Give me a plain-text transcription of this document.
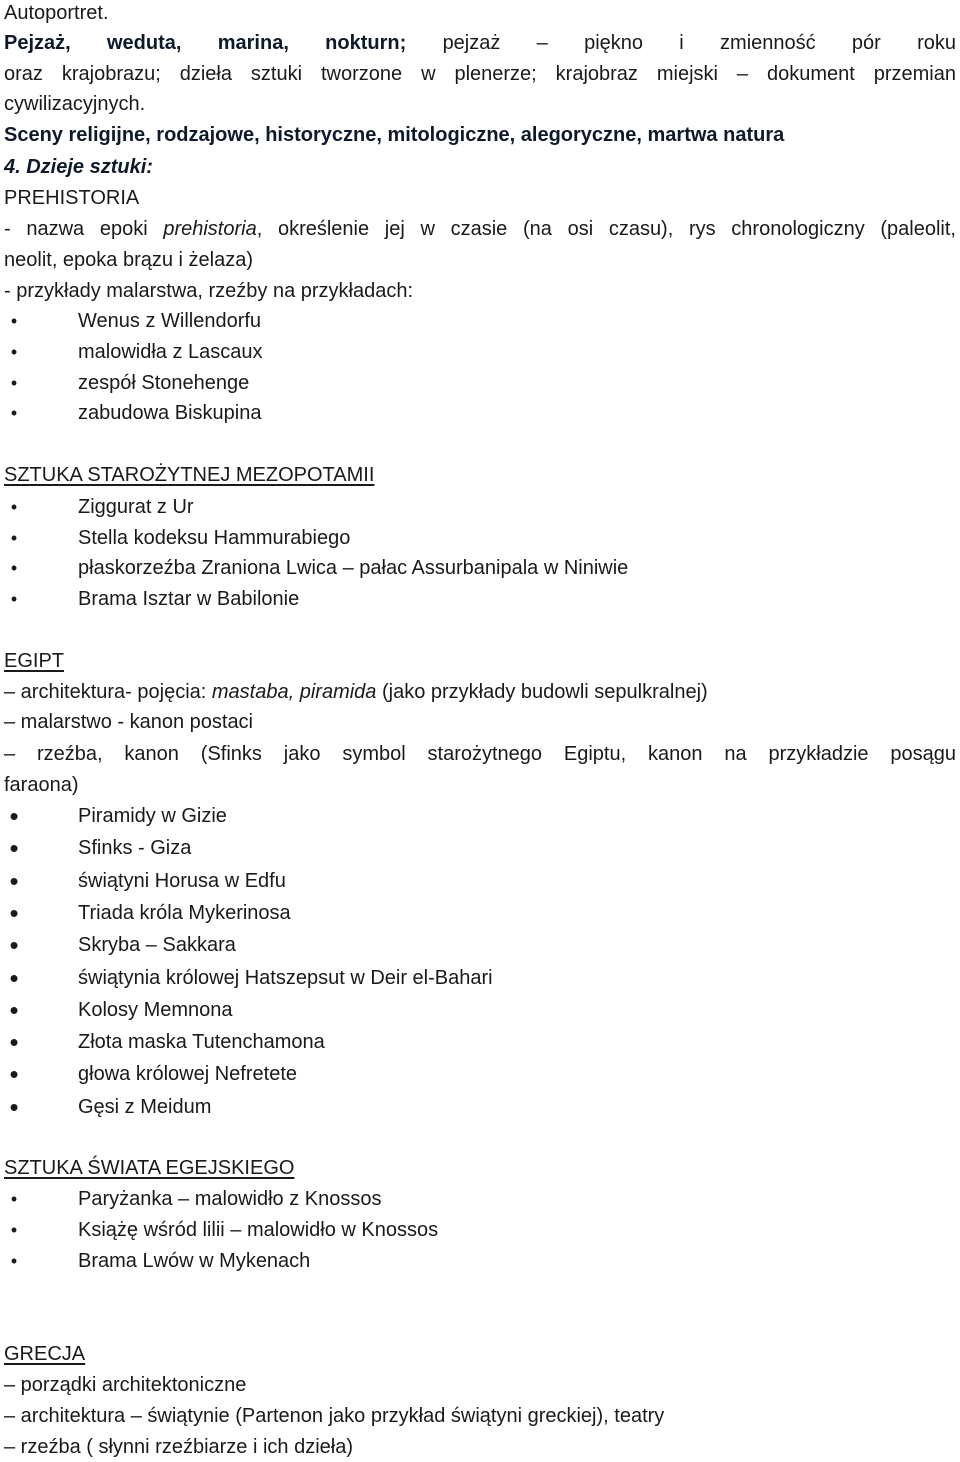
Autoportret.
Pejzaż, weduta, marina, nokturn; pejzaż – piękno i zmienność pór roku
oraz krajobrazu; dzieła sztuki tworzone w plenerze; krajobraz miejski – dokument przemian
cywilizacyjnych.
Sceny religijne, rodzajowe, historyczne, mitologiczne, alegoryczne, martwa natura
4. Dzieje sztuki:
PREHISTORIA
- nazwa epoki prehistoria, określenie jej w czasie (na osi czasu), rys chronologiczny (paleolit,
neolit, epoka brązu i żelaza)
- przykłady malarstwa, rzeźby na przykładach:
•	Wenus z Willendorfu
•	malowidła z Lascaux
•	zespół Stonehenge
•	zabudowa Biskupina
SZTUKA STAROŻYTNEJ MEZOPOTAMII
•	Ziggurat z Ur
•	Stella kodeksu Hammurabiego
•	płaskorzeźba Zraniona Lwica – pałac Assurbanipala w Niniwie
•	Brama Isztar w Babilonie
EGIPT
– architektura- pojęcia: mastaba, piramida (jako przykłady budowli sepulkralnej)
– malarstwo - kanon postaci
– rzeźba, kanon (Sfinks jako symbol starożytnego Egiptu, kanon na przykładzie posągu
faraona)
•	Piramidy w Gizie
•	Sfinks - Giza
•	świątyni Horusa w Edfu
•	Triada króla Mykerinosa
•	Skryba – Sakkara
•	świątynia królowej Hatszepsut w Deir el-Bahari
•	Kolosy Memnona
•	Złota maska Tutenchamona
•	głowa królowej Nefretete
•	Gęsi z Meidum
SZTUKA ŚWIATA EGEJSKIEGO
•	Paryżanka – malowidło z Knossos
•	Książę wśród lilii – malowidło w Knossos
•	Brama Lwów w Mykenach
GRECJA
– porządki architektoniczne
– architektura – świątynie (Partenon jako przykład świątyni greckiej), teatry
– rzeźba ( słynni rzeźbiarze i ich dzieła)
